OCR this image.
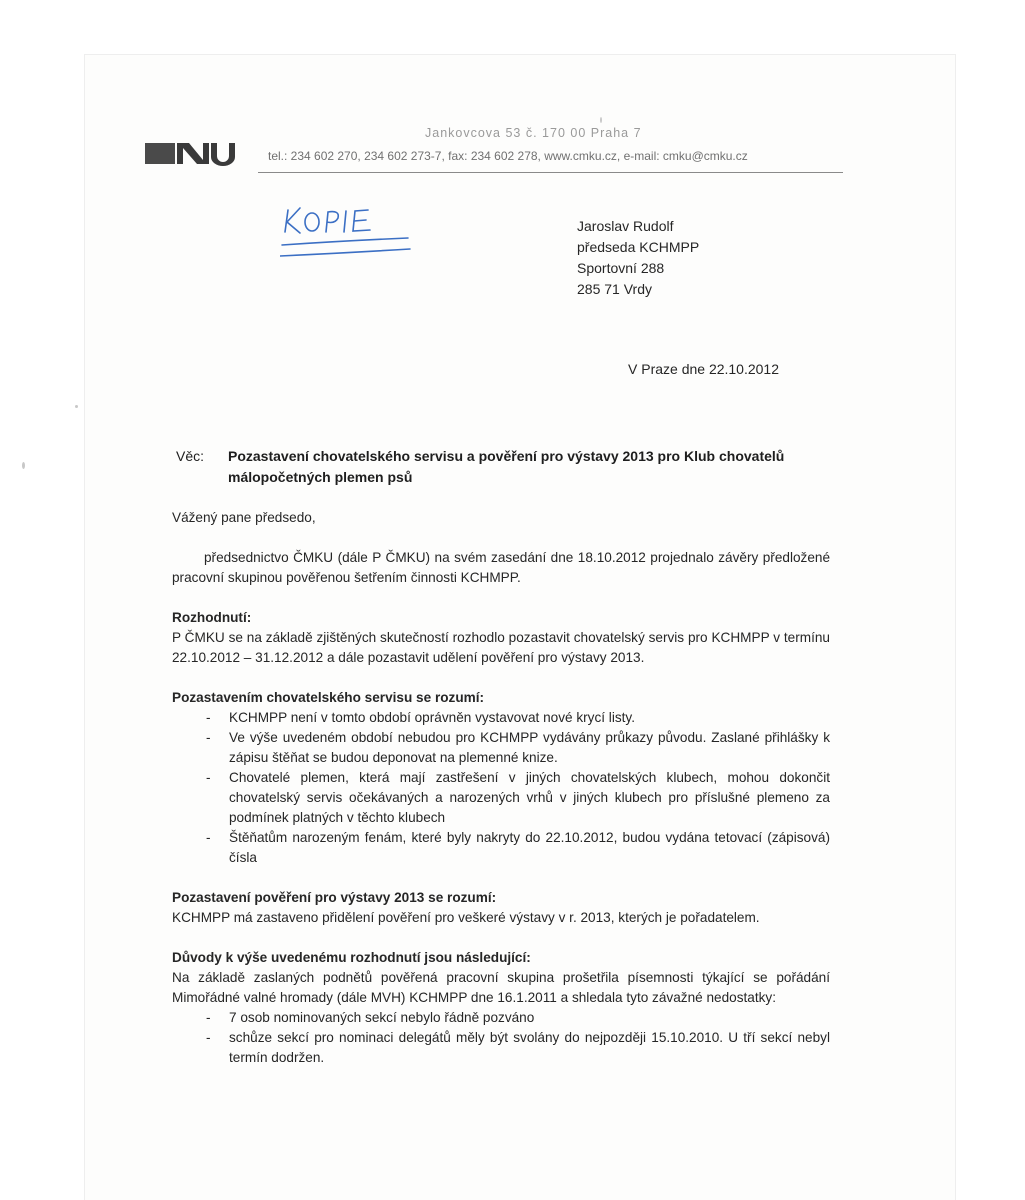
Jankovcova 53 č. 170 00 Praha 7
tel.: 234 602 270, 234 602 273-7, fax: 234 602 278, www.cmku.cz, e-mail: cmku@cmku.cz
Jaroslav Rudolf
předseda KCHMPP
Sportovní 288
285 71 Vrdy
V Praze dne 22.10.2012
Věc: Pozastavení chovatelského servisu a pověření pro výstavy 2013 pro Klub chovatelů málopočetných plemen psů

Vážený pane předsedo,

předsednictvo ČMKU (dále P ČMKU) na svém zasedání dne 18.10.2012 projednalo závěry předložené pracovní skupinou pověřenou šetřením činnosti KCHMPP.

Rozhodnutí:

P ČMKU se na základě zjištěných skutečností rozhodlo pozastavit chovatelský servis pro KCHMPP v termínu 22.10.2012 – 31.12.2012 a dále pozastavit udělení pověření pro výstavy 2013.

Pozastavením chovatelského servisu se rozumí:

- KCHMPP není v tomto období oprávněn vystavovat nové krycí listy.
- Ve výše uvedeném období nebudou pro KCHMPP vydávány průkazy původu. Zaslané přihlášky k zápisu štěňat se budou deponovat na plemenné knize.
- Chovatelé plemen, která mají zastřešení v jiných chovatelských klubech, mohou dokončit chovatelský servis očekávaných a narozených vrhů v jiných klubech pro příslušné plemeno za podmínek platných v těchto klubech
- Štěňatům narozeným fenám, které byly nakryty do 22.10.2012, budou vydána tetovací (zápisová) čísla

Pozastavení pověření pro výstavy 2013 se rozumí:

KCHMPP má zastaveno přidělení pověření pro veškeré výstavy v r. 2013, kterých je pořadatelem.

Důvody k výše uvedenému rozhodnutí jsou následující:

Na základě zaslaných podnětů pověřená pracovní skupina prošetřila písemnosti týkající se pořádání Mimořádné valné hromady (dále MVH) KCHMPP dne 16.1.2011 a shledala tyto závažné nedostatky:

- 7 osob nominovaných sekcí nebylo řádně pozváno
- schůze sekcí pro nominaci delegátů měly být svolány do nejpozději 15.10.2010. U tří sekcí nebyl termín dodržen.
